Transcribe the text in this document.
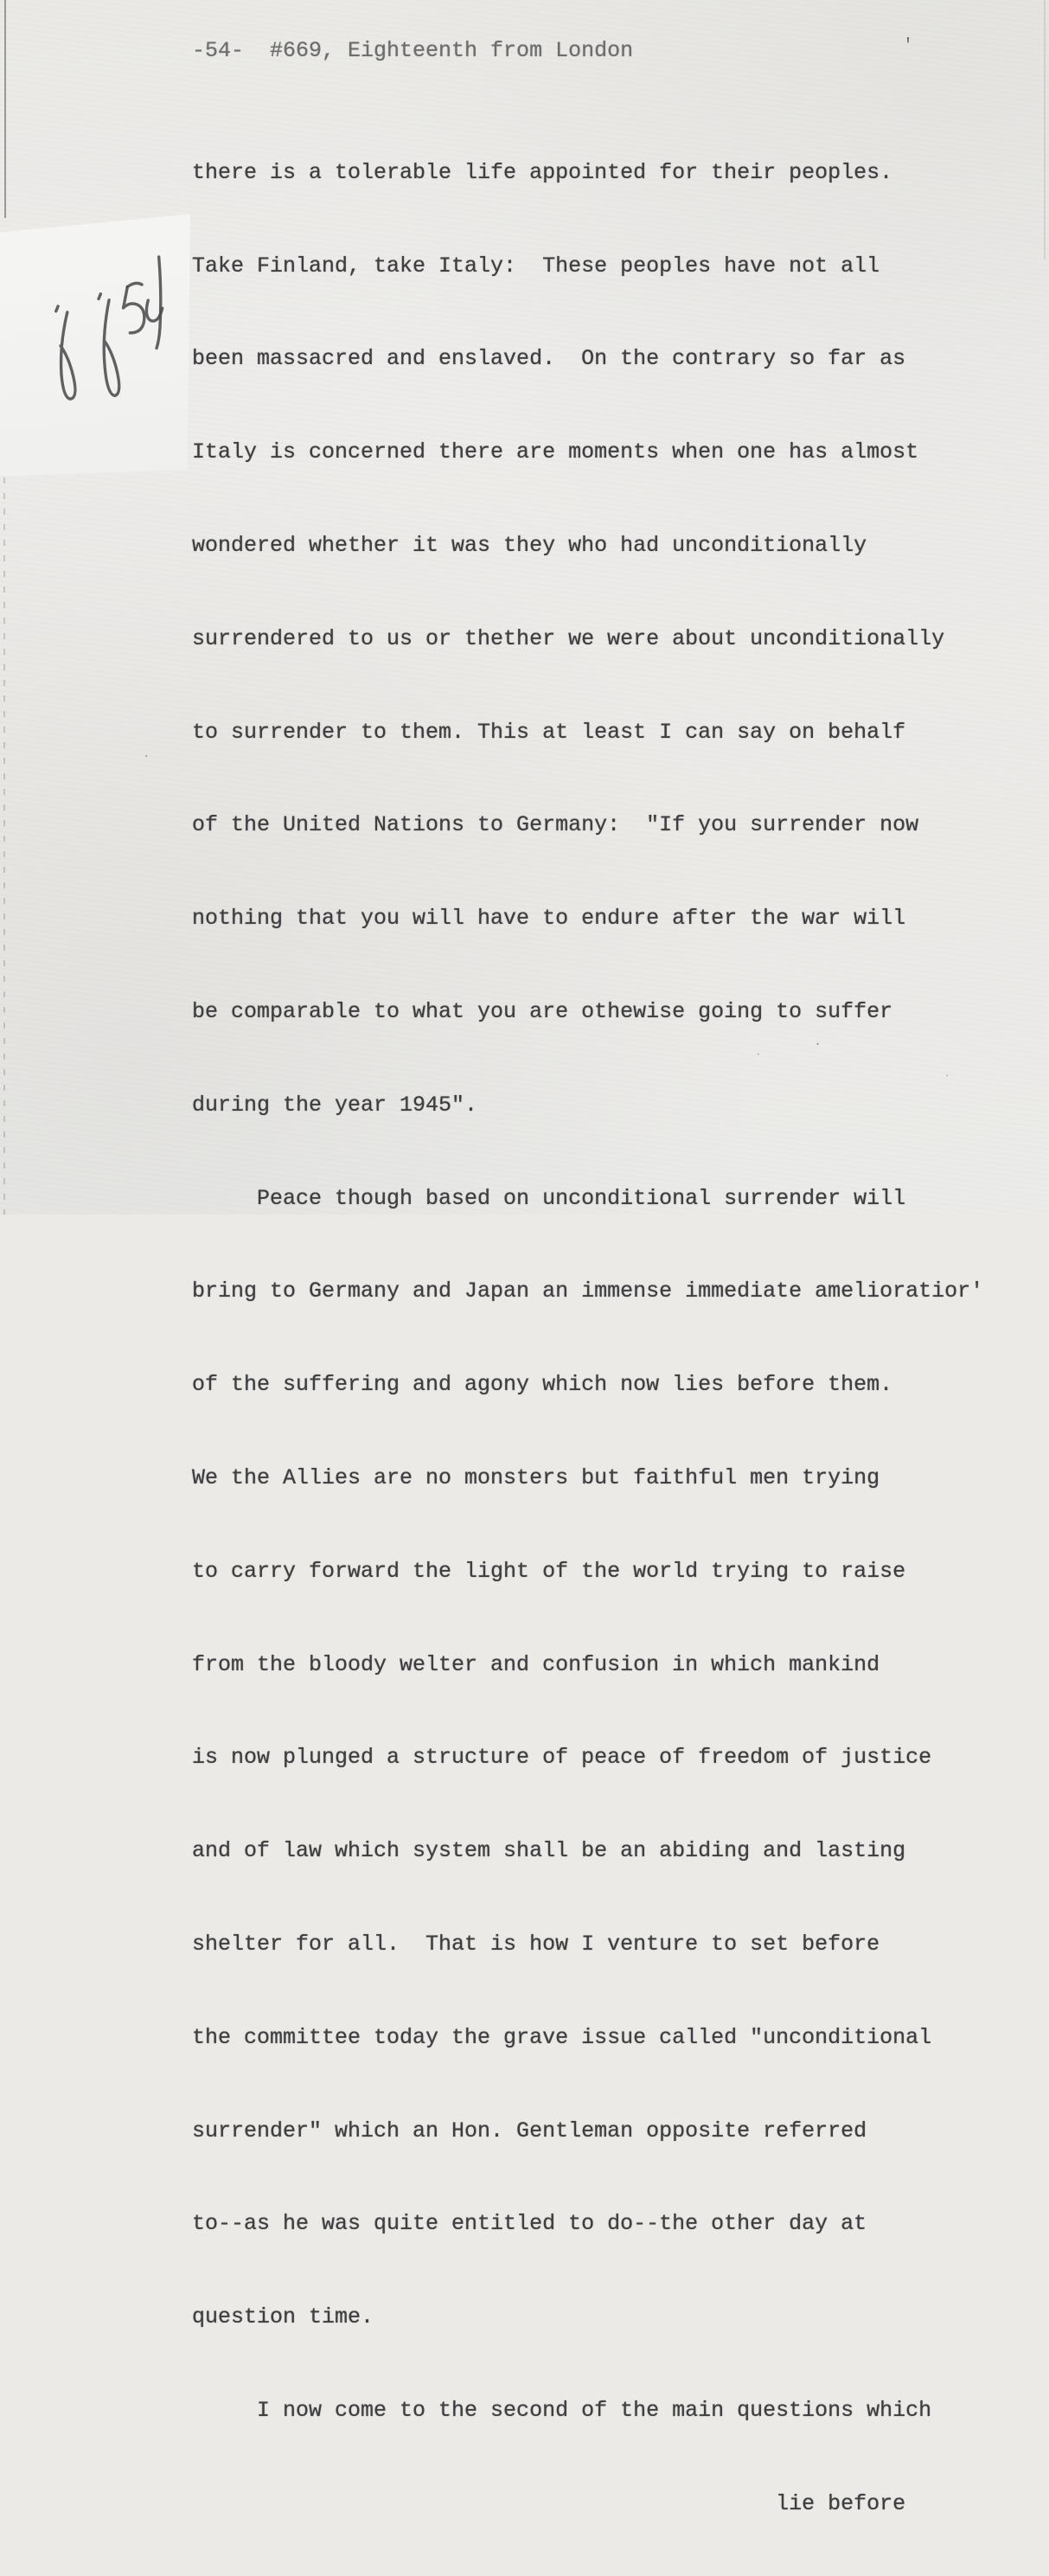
-54-  #669, Eighteenth from London

there is a tolerable life appointed for their peoples.

Take Finland, take Italy:  These peoples have not all

been massacred and enslaved.  On the contrary so far as

Italy is concerned there are moments when one has almost

wondered whether it was they who had unconditionally

surrendered to us or thether we were about unconditionally

to surrender to them. This at least I can say on behalf

of the United Nations to Germany:  "If you surrender now

nothing that you will have to endure after the war will

be comparable to what you are othewise going to suffer

during the year 1945".

Peace though based on unconditional surrender will

bring to Germany and Japan an immense immediate amelioratior'

of the suffering and agony which now lies before them.

We the Allies are no monsters but faithful men trying

to carry forward the light of the world trying to raise

from the bloody welter and confusion in which mankind

is now plunged a structure of peace of freedom of justice

and of law which system shall be an abiding and lasting

shelter for all.  That is how I venture to set before

the committee today the grave issue called "unconditional

surrender" which an Hon. Gentleman opposite referred

to--as he was quite entitled to do--the other day at

question time.

I now come to the second of the main questions which

lie before

'
·
·
·
·
